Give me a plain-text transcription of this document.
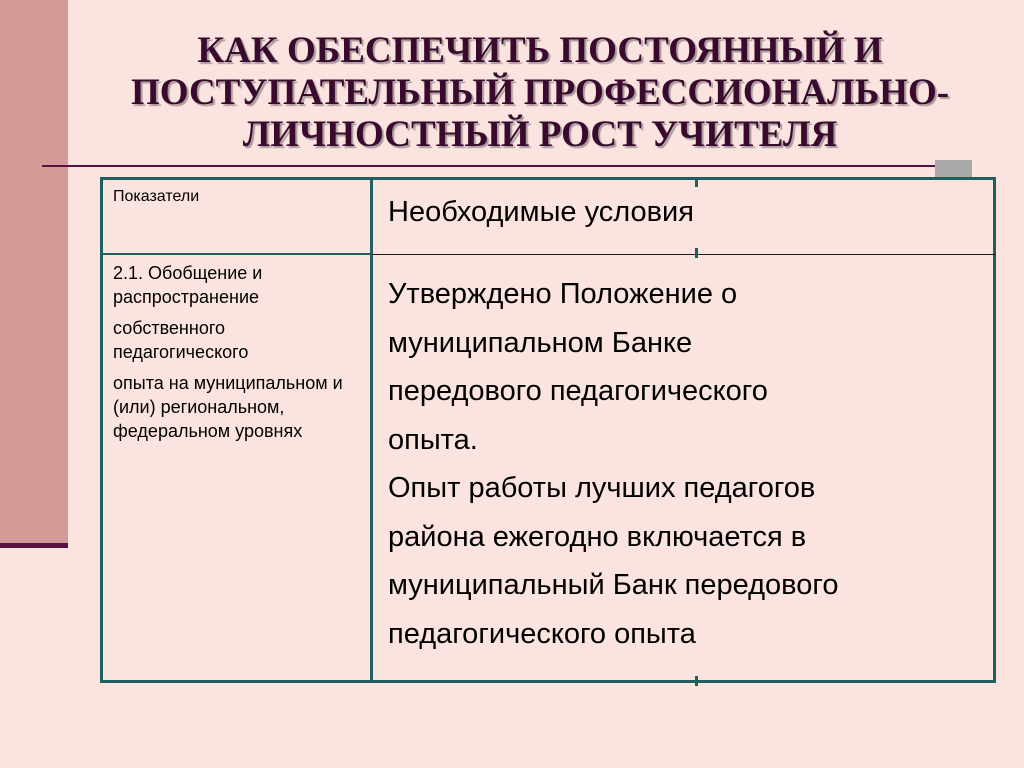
КАК ОБЕСПЕЧИТЬ ПОСТОЯННЫЙ И
ПОСТУПАТЕЛЬНЫЙ ПРОФЕССИОНАЛЬНО-
ЛИЧНОСТНЫЙ РОСТ УЧИТЕЛЯ
Показатели	Необходимые условия
2.1. Обобщение и распространение
собственного педагогического
опыта на муниципальном и (или) региональном, федеральном уровнях
Утверждено Положение о
муниципальном Банке
передового педагогического
опыта.
Опыт работы лучших педагогов
района ежегодно включается в
муниципальный Банк передового
педагогического опыта
